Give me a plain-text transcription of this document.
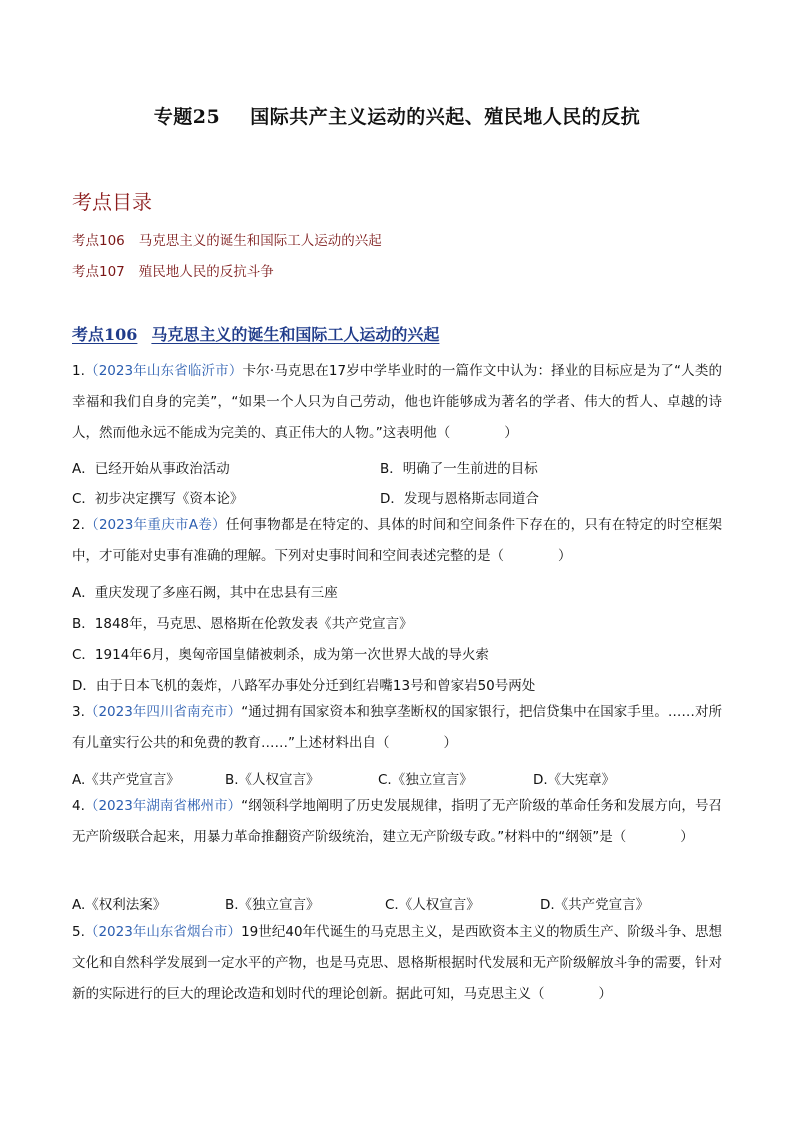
专题25 国际共产主义运动的兴起、殖民地人民的反抗
考点目录
考点106 马克思主义的诞生和国际工人运动的兴起
考点107 殖民地人民的反抗斗争
考点106 马克思主义的诞生和国际工人运动的兴起
1.（2023年山东省临沂市）卡尔·马克思在17岁中学毕业时的一篇作文中认为：择业的目标应是为了“人类的幸福和我们自身的完美”，“如果一个人只为自己劳动，他也许能够成为著名的学者、伟大的哲人、卓越的诗人，然而他永远不能成为完美的、真正伟大的人物。”这表明他（　　　　）
A．已经开始从事政治活动	B．明确了一生前进的目标
C．初步决定撰写《资本论》	D．发现与恩格斯志同道合
2.（2023年重庆市A卷）任何事物都是在特定的、具体的时间和空间条件下存在的，只有在特定的时空框架中，才可能对史事有准确的理解。下列对史事时间和空间表述完整的是（　　　　）
A．重庆发现了多座石阙，其中在忠县有三座
B．1848年，马克思、恩格斯在伦敦发表《共产党宣言》
C．1914年6月，奥匈帝国皇储被刺杀，成为第一次世界大战的导火索
D．由于日本飞机的轰炸，八路军办事处分迁到红岩嘴13号和曾家岩50号两处
3.（2023年四川省南充市）“通过拥有国家资本和独享垄断权的国家银行，把信贷集中在国家手里。……对所有儿童实行公共的和免费的教育……”上述材料出自（　　　　）
A.《共产党宣言》	B.《人权宣言》	C.《独立宣言》	D.《大宪章》
4.（2023年湖南省郴州市）“纲领科学地阐明了历史发展规律，指明了无产阶级的革命任务和发展方向，号召无产阶级联合起来，用暴力革命推翻资产阶级统治，建立无产阶级专政。”材料中的“纲领”是（　　　　）
A.《权利法案》	B.《独立宣言》	C.《人权宣言》	D.《共产党宣言》
5.（2023年山东省烟台市）19世纪40年代诞生的马克思主义，是西欧资本主义的物质生产、阶级斗争、思想文化和自然科学发展到一定水平的产物，也是马克思、恩格斯根据时代发展和无产阶级解放斗争的需要，针对新的实际进行的巨大的理论改造和划时代的理论创新。据此可知，马克思主义（　　　　）
